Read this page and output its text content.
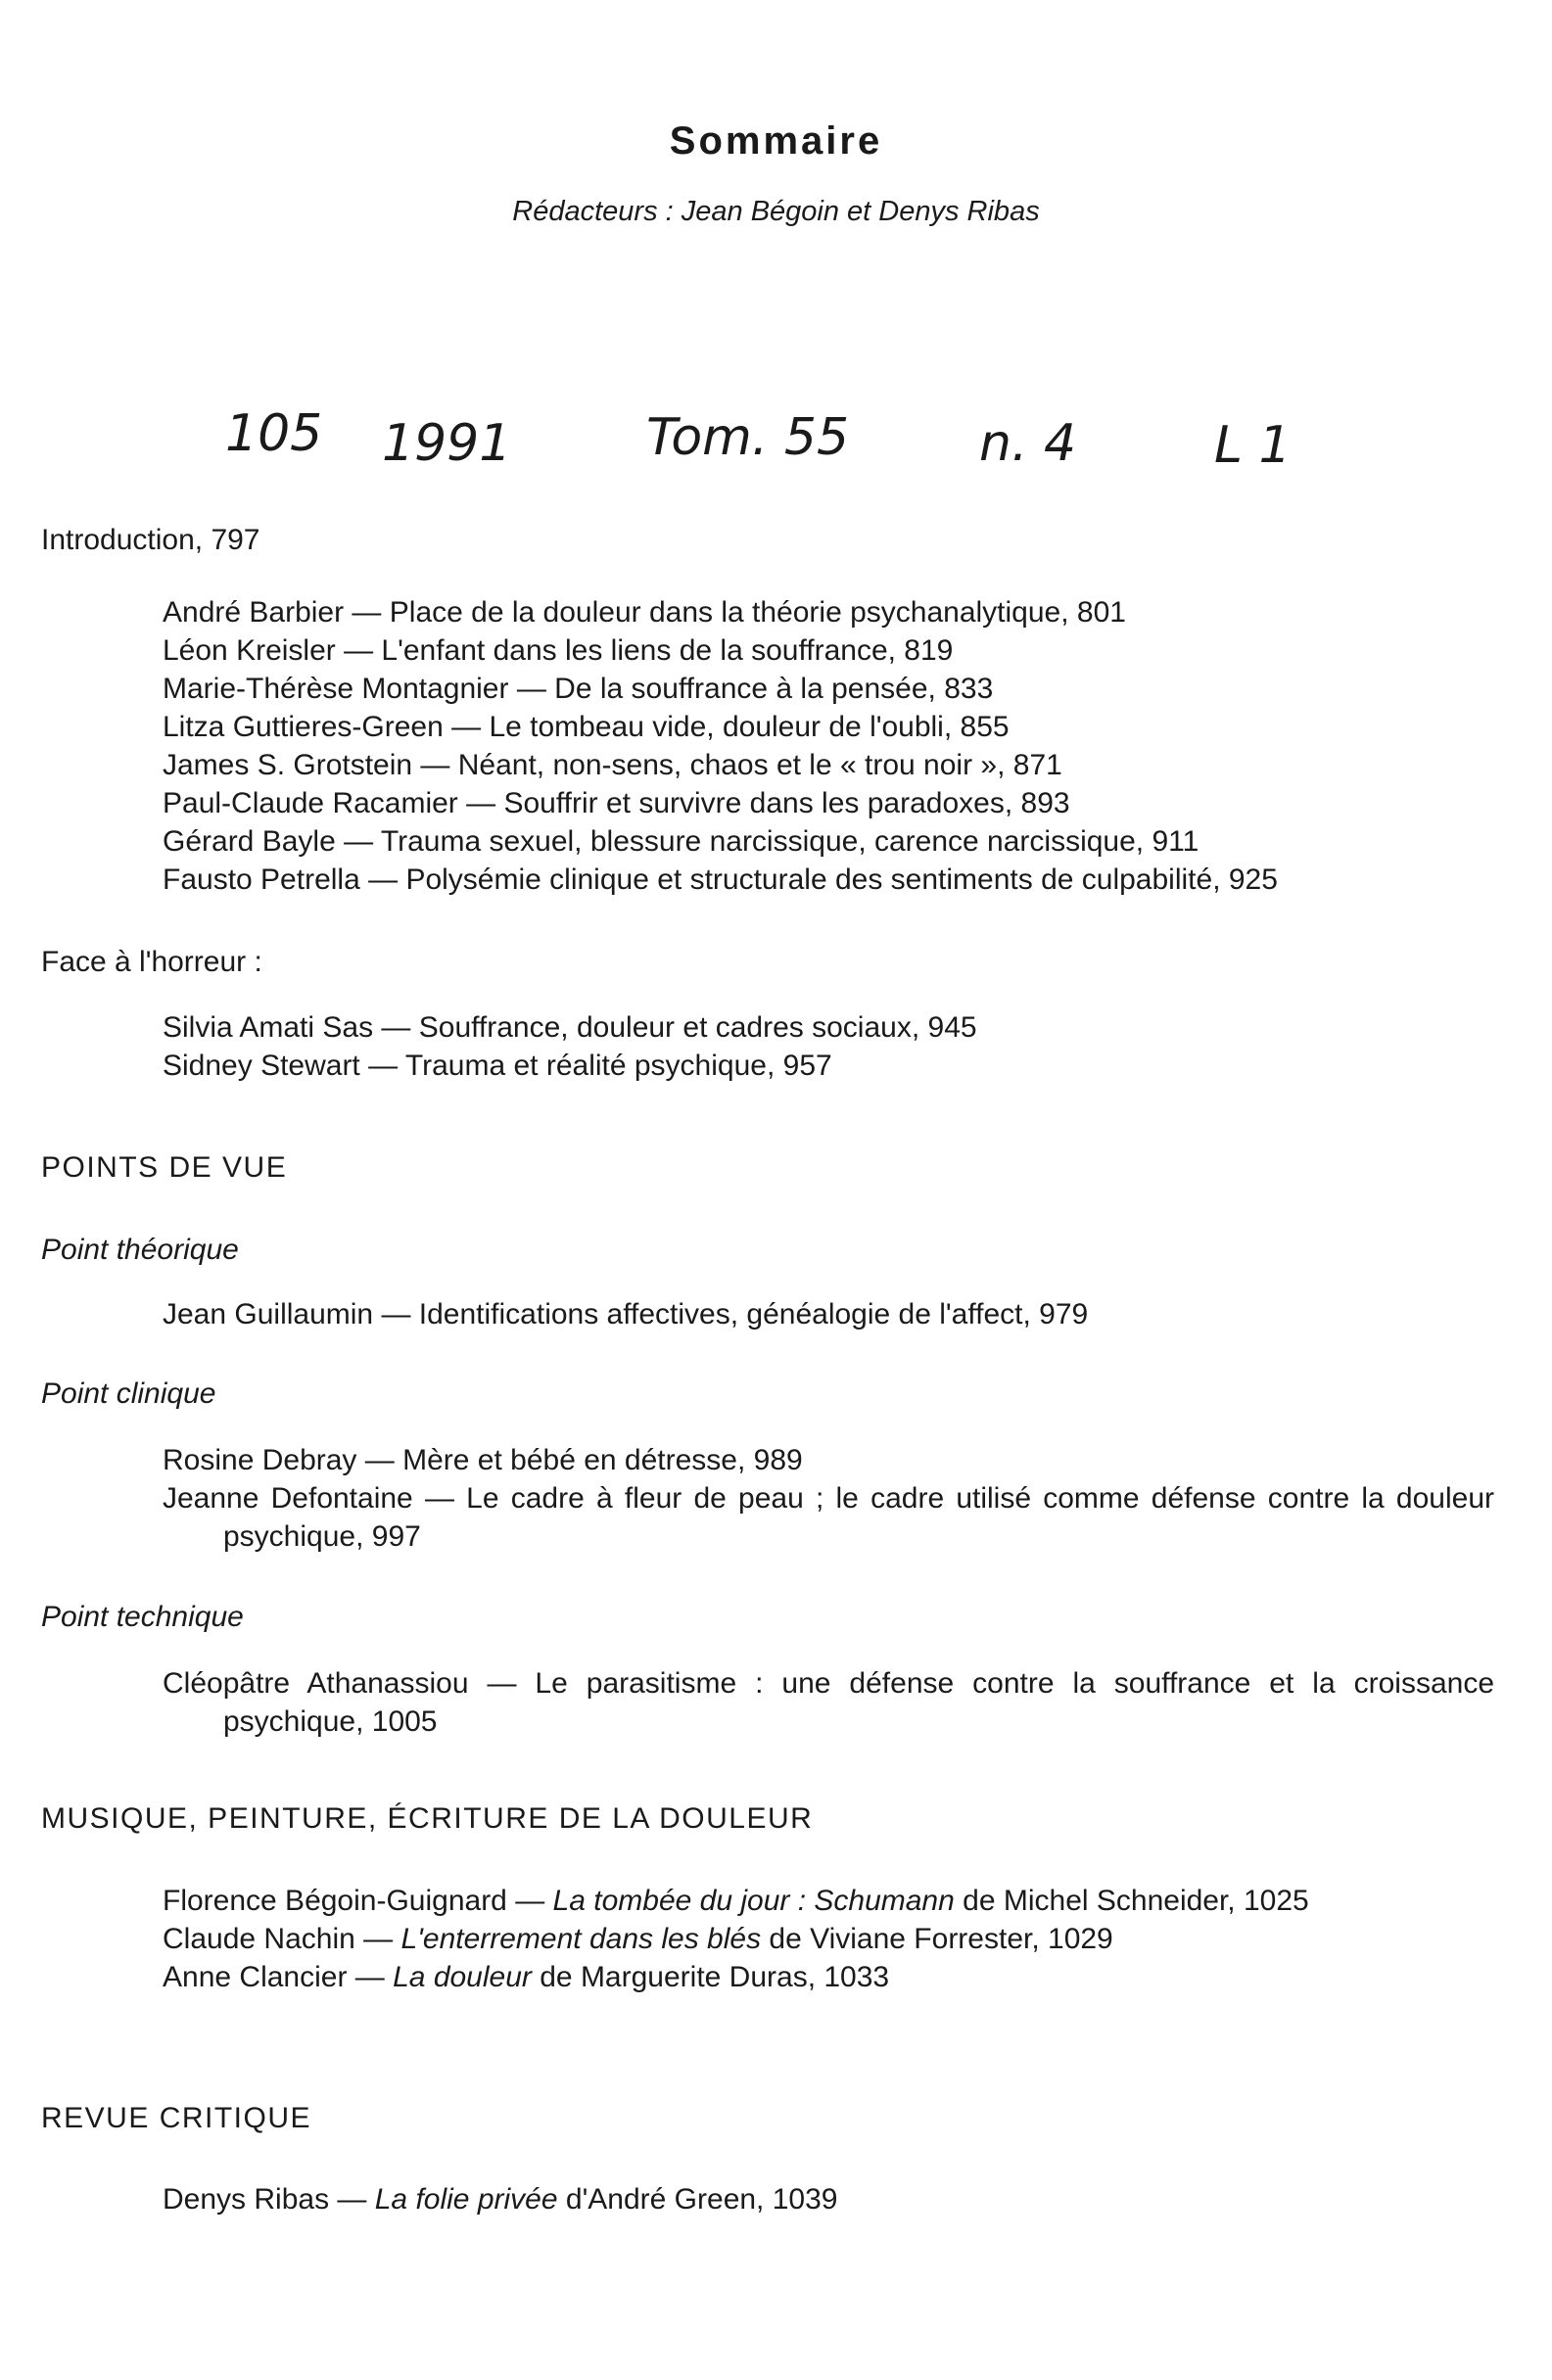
Sommaire
Rédacteurs : Jean Bégoin et Denys Ribas
105 1991	Tom. 55	n. 4	L 1
Introduction, 797
André Barbier — Place de la douleur dans la théorie psychanalytique, 801
Léon Kreisler — L'enfant dans les liens de la souffrance, 819
Marie-Thérèse Montagnier — De la souffrance à la pensée, 833
Litza Guttieres-Green — Le tombeau vide, douleur de l'oubli, 855
James S. Grotstein — Néant, non-sens, chaos et le « trou noir », 871
Paul-Claude Racamier — Souffrir et survivre dans les paradoxes, 893
Gérard Bayle — Trauma sexuel, blessure narcissique, carence narcissique, 911
Fausto Petrella — Polysémie clinique et structurale des sentiments de culpabilité, 925
Face à l'horreur :
Silvia Amati Sas — Souffrance, douleur et cadres sociaux, 945
Sidney Stewart — Trauma et réalité psychique, 957
POINTS DE VUE
Point théorique
Jean Guillaumin — Identifications affectives, généalogie de l'affect, 979
Point clinique
Rosine Debray — Mère et bébé en détresse, 989
Jeanne Defontaine — Le cadre à fleur de peau ; le cadre utilisé comme défense contre la douleur psychique, 997
Point technique
Cléopâtre Athanassiou — Le parasitisme : une défense contre la souffrance et la croissance psychique, 1005
MUSIQUE, PEINTURE, ÉCRITURE DE LA DOULEUR
Florence Bégoin-Guignard — La tombée du jour : Schumann de Michel Schneider, 1025
Claude Nachin — L'enterrement dans les blés de Viviane Forrester, 1029
Anne Clancier — La douleur de Marguerite Duras, 1033
REVUE CRITIQUE
Denys Ribas — La folie privée d'André Green, 1039
